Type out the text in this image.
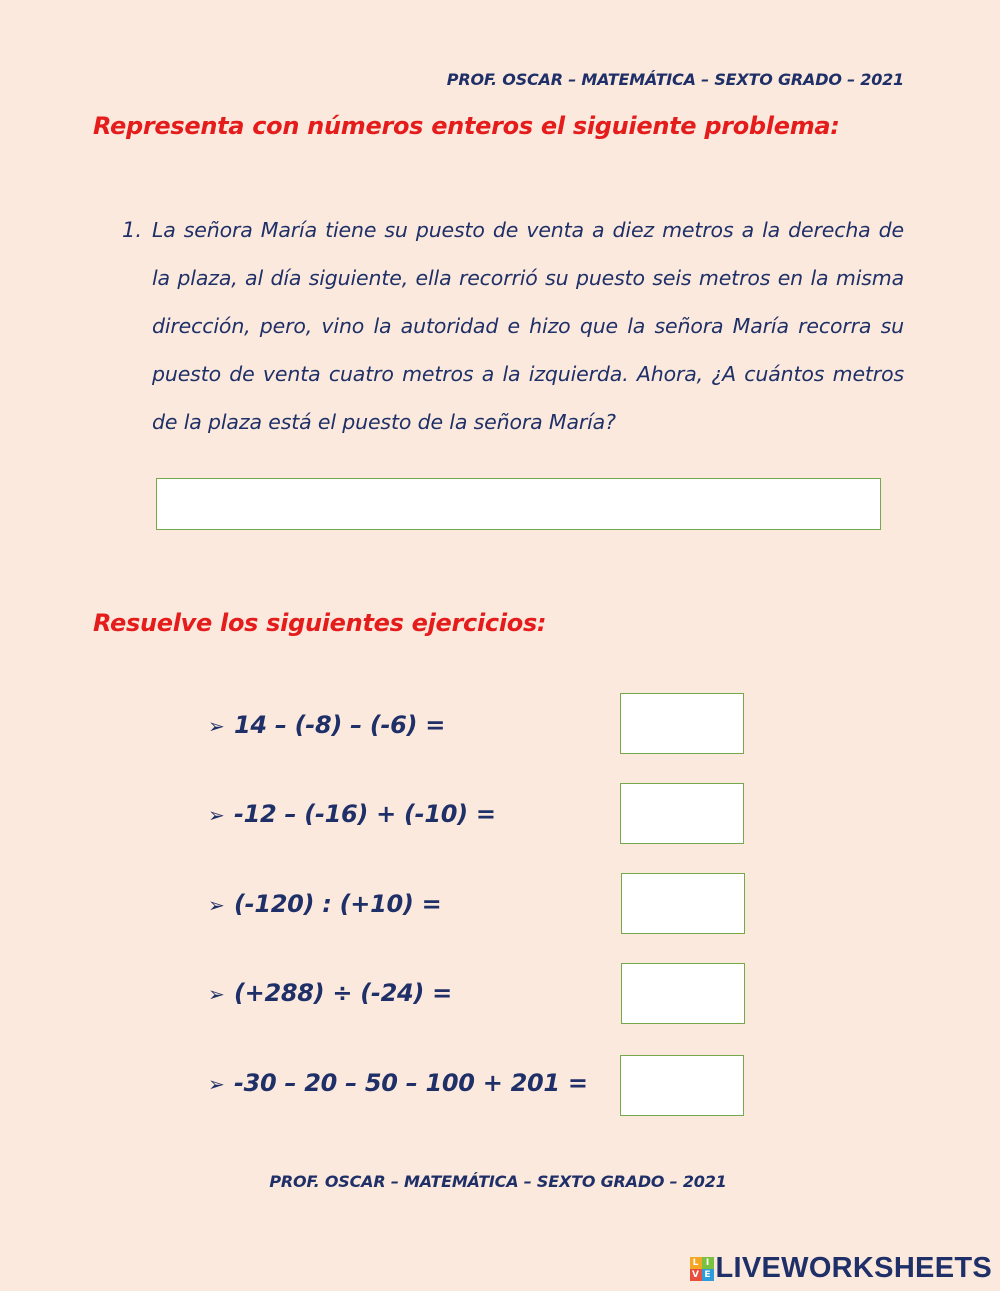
PROF. OSCAR – MATEMÁTICA – SEXTO GRADO – 2021
Representa con números enteros el siguiente problema:
1. La señora María tiene su puesto de venta a diez metros a la derecha de la plaza, al día siguiente, ella recorrió su puesto seis metros en la misma dirección, pero, vino la autoridad e hizo que la señora María recorra su puesto de venta cuatro metros a la izquierda. Ahora, ¿A cuántos metros de la plaza está el puesto de la señora María?
Resuelve los siguientes ejercicios:
➢ 14 – (-8) – (-6) =
➢ -12 – (-16) + (-10) =
➢ (-120) : (+10) =
➢ (+288) ÷ (-24) =
➢ -30 – 20 – 50 – 100 + 201 =
PROF. OSCAR – MATEMÁTICA – SEXTO GRADO – 2021
L I
V E LIVEWORKSHEETS
